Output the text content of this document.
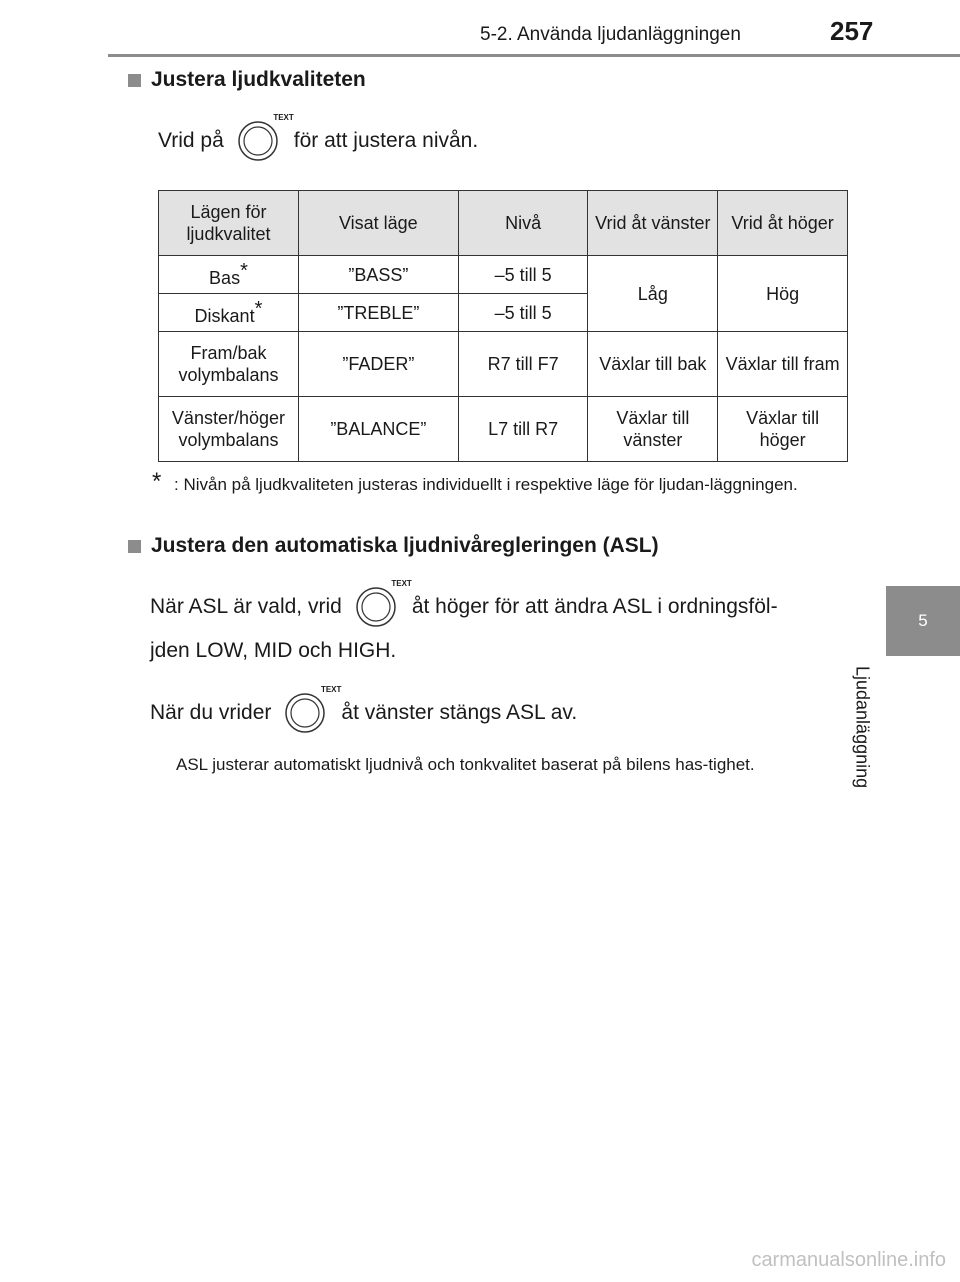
5-2. Använda ljudanläggningen	257
5
Ljudanläggning
Justera ljudkvaliteten
Vrid på
TEXT
för att justera nivån.
Lägen för ljudkvalitet	Visat läge	Nivå	Vrid åt vänster	Vrid åt höger
Bas*	”BASS”	–5 till 5	Låg	Hög
Diskant*	”TREBLE”	–5 till 5		
Fram/bak volymbalans	”FADER”	R7 till F7	Växlar till bak	Växlar till fram
Vänster/höger volymbalans	”BALANCE”	L7 till R7	Växlar till vänster	Växlar till höger
* : Nivån på ljudkvaliteten justeras individuellt i respektive läge för ljudan-läggningen.

Justera den automatiska ljudnivåregleringen (ASL)
När ASL är vald, vrid
TEXT
åt höger för att ändra ASL i ordningsföl-
jden LOW, MID och HIGH.
När du vrider
TEXT
åt vänster stängs ASL av.

ASL justerar automatiskt ljudnivå och tonkvalitet baserat på bilens has-tighet.

carmanualsonline.info
